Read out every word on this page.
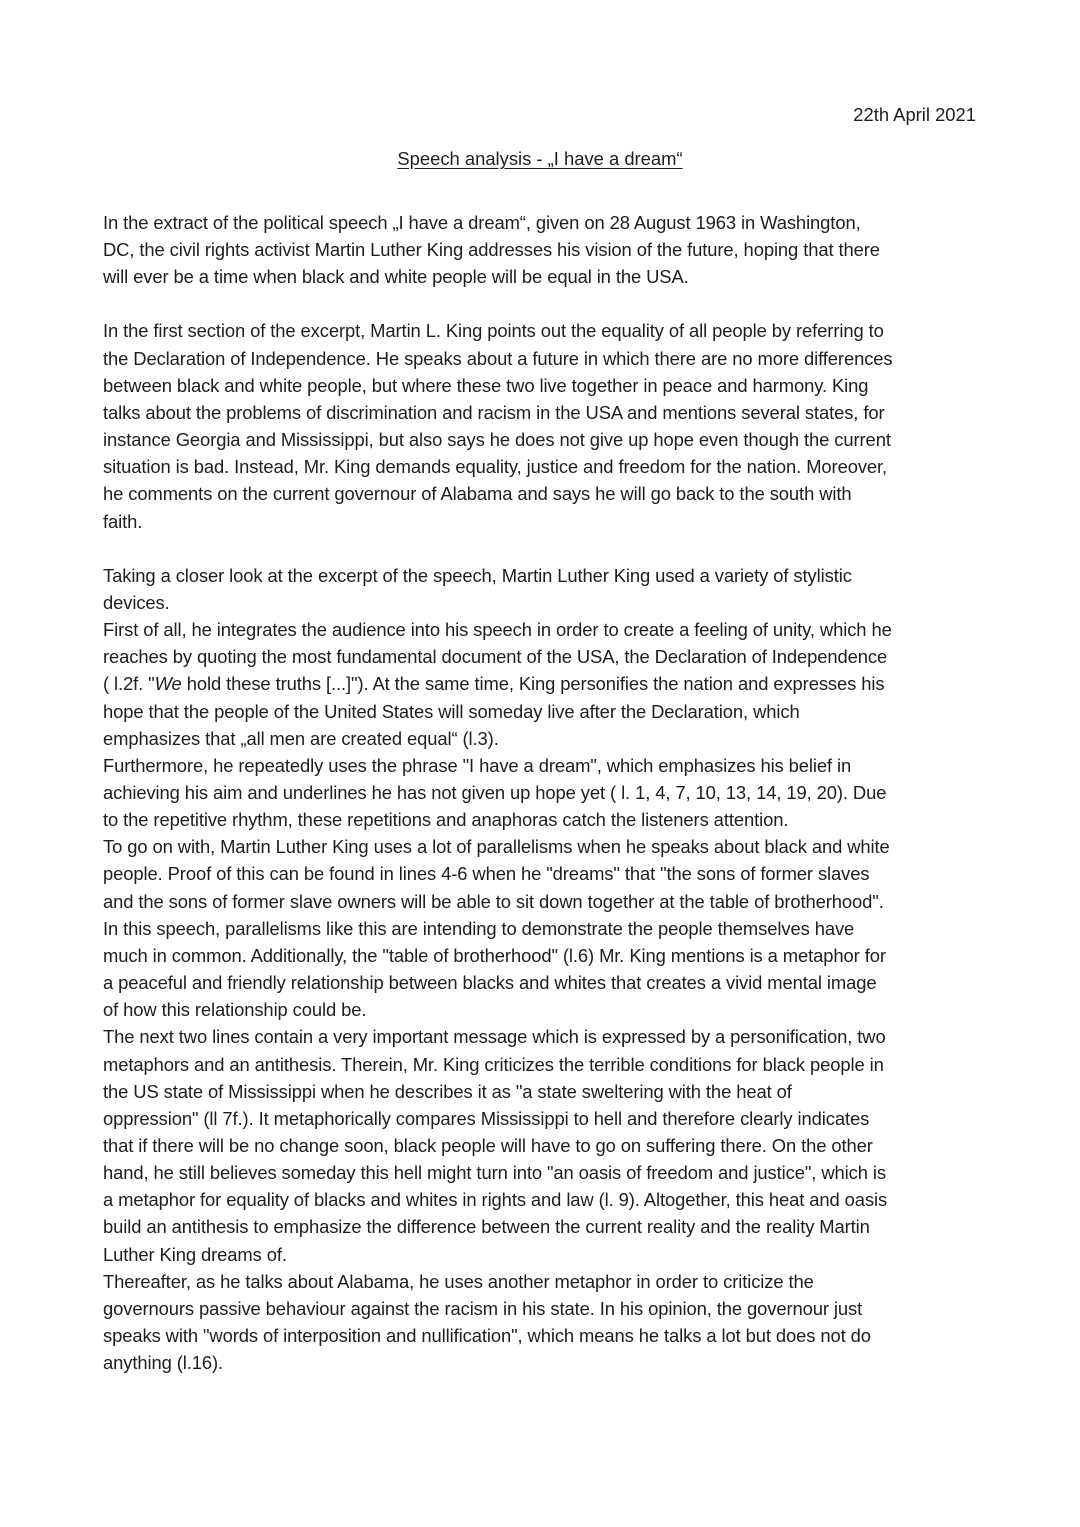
22th April 2021
Speech analysis - „I have a dream“

In the extract of the political speech „I have a dream“, given on 28 August 1963 in Washington,
DC, the civil rights activist Martin Luther King addresses his vision of the future, hoping that there
will ever be a time when black and white people will be equal in the USA.

In the first section of the excerpt, Martin L. King points out the equality of all people by referring to
the Declaration of Independence. He speaks about a future in which there are no more differences
between black and white people, but where these two live together in peace and harmony. King
talks about the problems of discrimination and racism in the USA and mentions several states, for
instance Georgia and Mississippi, but also says he does not give up hope even though the current
situation is bad. Instead, Mr. King demands equality, justice and freedom for the nation. Moreover,
he comments on the current governour of Alabama and says he will go back to the south with
faith.

Taking a closer look at the excerpt of the speech, Martin Luther King used a variety of stylistic
devices.

First of all, he integrates the audience into his speech in order to create a feeling of unity, which he
reaches by quoting the most fundamental document of the USA, the Declaration of Independence
( l.2f. "We hold these truths [...]"). At the same time, King personifies the nation and expresses his
hope that the people of the United States will someday live after the Declaration, which
emphasizes that „all men are created equal“ (l.3).

Furthermore, he repeatedly uses the phrase "I have a dream", which emphasizes his belief in
achieving his aim and underlines he has not given up hope yet ( l. 1, 4, 7, 10, 13, 14, 19, 20). Due
to the repetitive rhythm, these repetitions and anaphoras catch the listeners attention.

To go on with, Martin Luther King uses a lot of parallelisms when he speaks about black and white
people. Proof of this can be found in lines 4-6 when he "dreams" that "the sons of former slaves
and the sons of former slave owners will be able to sit down together at the table of brotherhood".
In this speech, parallelisms like this are intending to demonstrate the people themselves have
much in common. Additionally, the "table of brotherhood" (l.6) Mr. King mentions is a metaphor for
a peaceful and friendly relationship between blacks and whites that creates a vivid mental image
of how this relationship could be.

The next two lines contain a very important message which is expressed by a personification, two
metaphors and an antithesis. Therein, Mr. King criticizes the terrible conditions for black people in
the US state of Mississippi when he describes it as "a state sweltering with the heat of
oppression" (ll 7f.). It metaphorically compares Mississippi to hell and therefore clearly indicates
that if there will be no change soon, black people will have to go on suffering there. On the other
hand, he still believes someday this hell might turn into "an oasis of freedom and justice", which is
a metaphor for equality of blacks and whites in rights and law (l. 9). Altogether, this heat and oasis
build an antithesis to emphasize the difference between the current reality and the reality Martin
Luther King dreams of.

Thereafter, as he talks about Alabama, he uses another metaphor in order to criticize the
governours passive behaviour against the racism in his state. In his opinion, the governour just
speaks with "words of interposition and nullification", which means he talks a lot but does not do
anything (l.16).
